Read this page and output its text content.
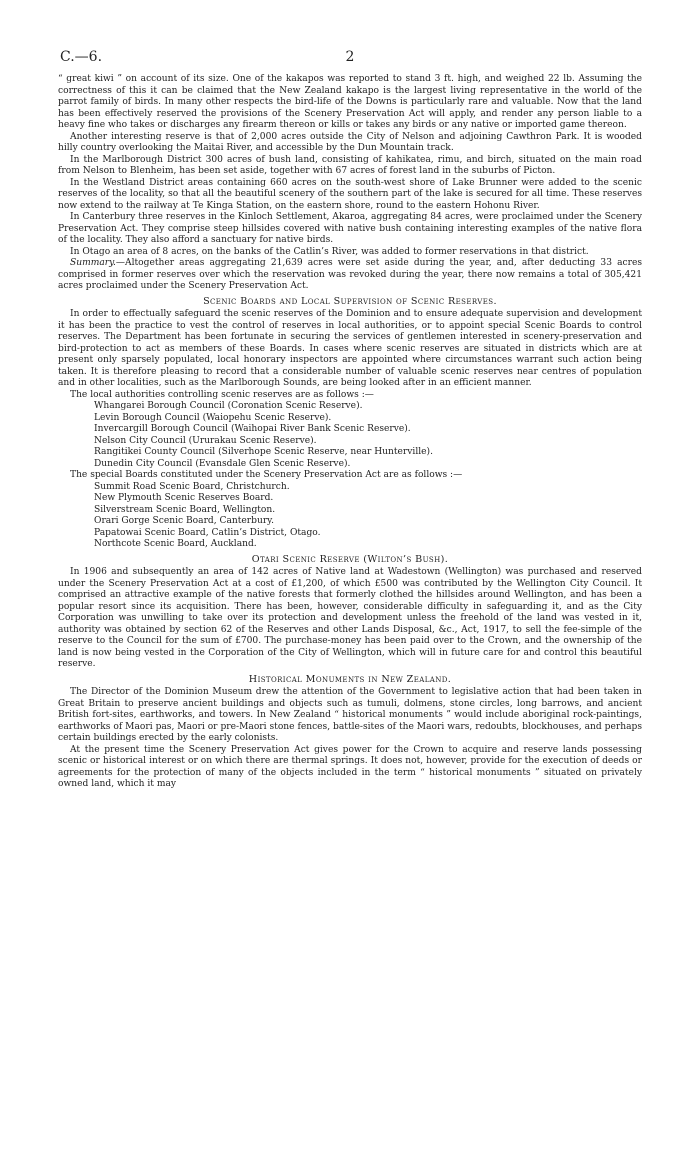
C.—6.	2

“ great kiwi ” on account of its size. One of the kakapos was reported to stand 3 ft. high, and weighed 22 lb. Assuming the correctness of this it can be claimed that the New Zealand kakapo is the largest living representative in the world of the parrot family of birds. In many other respects the bird-life of the Downs is particularly rare and valuable. Now that the land has been effectively reserved the provisions of the Scenery Preservation Act will apply, and render any person liable to a heavy fine who takes or discharges any firearm thereon or kills or takes any birds or any native or imported game thereon.

Another interesting reserve is that of 2,000 acres outside the City of Nelson and adjoining Cawthron Park. It is wooded hilly country overlooking the Maitai River, and accessible by the Dun Mountain track.

In the Marlborough District 300 acres of bush land, consisting of kahikatea, rimu, and birch, situated on the main road from Nelson to Blenheim, has been set aside, together with 67 acres of forest land in the suburbs of Picton.

In the Westland District areas containing 660 acres on the south-west shore of Lake Brunner were added to the scenic reserves of the locality, so that all the beautiful scenery of the southern part of the lake is secured for all time. These reserves now extend to the railway at Te Kinga Station, on the eastern shore, round to the eastern Hohonu River.

In Canterbury three reserves in the Kinloch Settlement, Akaroa, aggregating 84 acres, were proclaimed under the Scenery Preservation Act. They comprise steep hillsides covered with native bush containing interesting examples of the native flora of the locality. They also afford a sanctuary for native birds.

In Otago an area of 8 acres, on the banks of the Catlin’s River, was added to former reservations in that district.

Summary.—Altogether areas aggregating 21,639 acres were set aside during the year, and, after deducting 33 acres comprised in former reserves over which the reservation was revoked during the year, there now remains a total of 305,421 acres proclaimed under the Scenery Preservation Act.

Scenic Boards and Local Supervision of Scenic Reserves.

In order to effectually safeguard the scenic reserves of the Dominion and to ensure adequate supervision and development it has been the practice to vest the control of reserves in local authorities, or to appoint special Scenic Boards to control reserves. The Department has been fortunate in securing the services of gentlemen interested in scenery-preservation and bird-protection to act as members of these Boards. In cases where scenic reserves are situated in districts which are at present only sparsely populated, local honorary inspectors are appointed where circumstances warrant such action being taken. It is therefore pleasing to record that a considerable number of valuable scenic reserves near centres of population and in other localities, such as the Marlborough Sounds, are being looked after in an efficient manner.

The local authorities controlling scenic reserves are as follows :—

Whangarei Borough Council (Coronation Scenic Reserve).
Levin Borough Council (Waiopehu Scenic Reserve).
Invercargill Borough Council (Waihopai River Bank Scenic Reserve).
Nelson City Council (Ururakau Scenic Reserve).
Rangitikei County Council (Silverhope Scenic Reserve, near Hunterville).
Dunedin City Council (Evansdale Glen Scenic Reserve).

The special Boards constituted under the Scenery Preservation Act are as follows :—

Summit Road Scenic Board, Christchurch.
New Plymouth Scenic Reserves Board.
Silverstream Scenic Board, Wellington.
Orari Gorge Scenic Board, Canterbury.
Papatowai Scenic Board, Catlin’s District, Otago.
Northcote Scenic Board, Auckland.
Otari Scenic Reserve (Wilton’s Bush).

In 1906 and subsequently an area of 142 acres of Native land at Wadestown (Wellington) was purchased and reserved under the Scenery Preservation Act at a cost of £1,200, of which £500 was contributed by the Wellington City Council. It comprised an attractive example of the native forests that formerly clothed the hillsides around Wellington, and has been a popular resort since its acquisition. There has been, however, considerable difficulty in safeguarding it, and as the City Corporation was unwilling to take over its protection and development unless the freehold of the land was vested in it, authority was obtained by section 62 of the Reserves and other Lands Disposal, &c., Act, 1917, to sell the fee-simple of the reserve to the Council for the sum of £700. The purchase-money has been paid over to the Crown, and the ownership of the land is now being vested in the Corporation of the City of Wellington, which will in future care for and control this beautiful reserve.

Historical Monuments in New Zealand.

The Director of the Dominion Museum drew the attention of the Government to legislative action that had been taken in Great Britain to preserve ancient buildings and objects such as tumuli, dolmens, stone circles, long barrows, and ancient British fort-sites, earthworks, and towers. In New Zealand “ historical monuments ” would include aboriginal rock-paintings, earthworks of Maori pas, Maori or pre-Maori stone fences, battle-sites of the Maori wars, redoubts, blockhouses, and perhaps certain buildings erected by the early colonists.

At the present time the Scenery Preservation Act gives power for the Crown to acquire and reserve lands possessing scenic or historical interest or on which there are thermal springs. It does not, however, provide for the execution of deeds or agreements for the protection of many of the objects included in the term “ historical monuments ” situated on privately owned land, which it may
